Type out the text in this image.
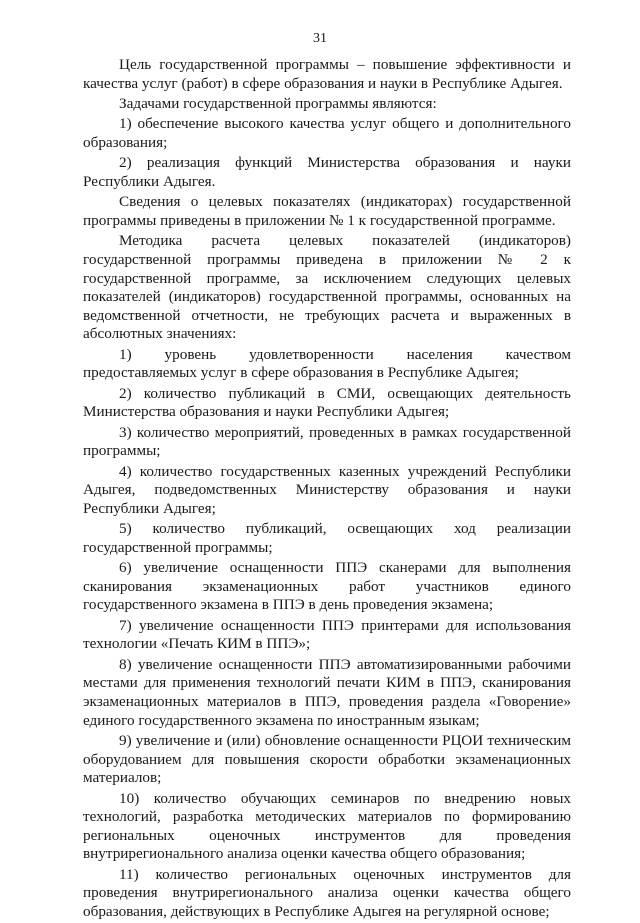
31

Цель государственной программы – повышение эффективности и качества услуг (работ) в сфере образования и науки в Республике Адыгея.

Задачами государственной программы являются:

1) обеспечение высокого качества услуг общего и дополнительного образования;

2) реализация функций Министерства образования и науки Республики Адыгея.

Сведения о целевых показателях (индикаторах) государственной программы приведены в приложении № 1 к государственной программе.

Методика расчета целевых показателей (индикаторов) государственной программы приведена в приложении № 2 к государственной программе, за исключением следующих целевых показателей (индикаторов) государственной программы, основанных на ведомственной отчетности, не требующих расчета и выраженных в абсолютных значениях:

1) уровень удовлетворенности населения качеством предоставляемых услуг в сфере образования в Республике Адыгея;

2) количество публикаций в СМИ, освещающих деятельность Министерства образования и науки Республики Адыгея;

3) количество мероприятий, проведенных в рамках государственной программы;

4) количество государственных казенных учреждений Республики Адыгея, подведомственных Министерству образования и науки Республики Адыгея;

5) количество публикаций, освещающих ход реализации государственной программы;

6) увеличение оснащенности ППЭ сканерами для выполнения сканирования экзаменационных работ участников единого государственного экзамена в ППЭ в день проведения экзамена;

7) увеличение оснащенности ППЭ принтерами для использования технологии «Печать КИМ в ППЭ»;

8) увеличение оснащенности ППЭ автоматизированными рабочими местами для применения технологий печати КИМ в ППЭ, сканирования экзаменационных материалов в ППЭ, проведения раздела «Говорение» единого государственного экзамена по иностранным языкам;

9) увеличение и (или) обновление оснащенности РЦОИ техническим оборудованием для повышения скорости обработки экзаменационных материалов;

10) количество обучающих семинаров по внедрению новых технологий, разработка методических материалов по формированию региональных оценочных инструментов для проведения внутрирегионального анализа оценки качества общего образования;

11) количество региональных оценочных инструментов для проведения внутрирегионального анализа оценки качества общего образования, действующих в Республике Адыгея на регулярной основе;
